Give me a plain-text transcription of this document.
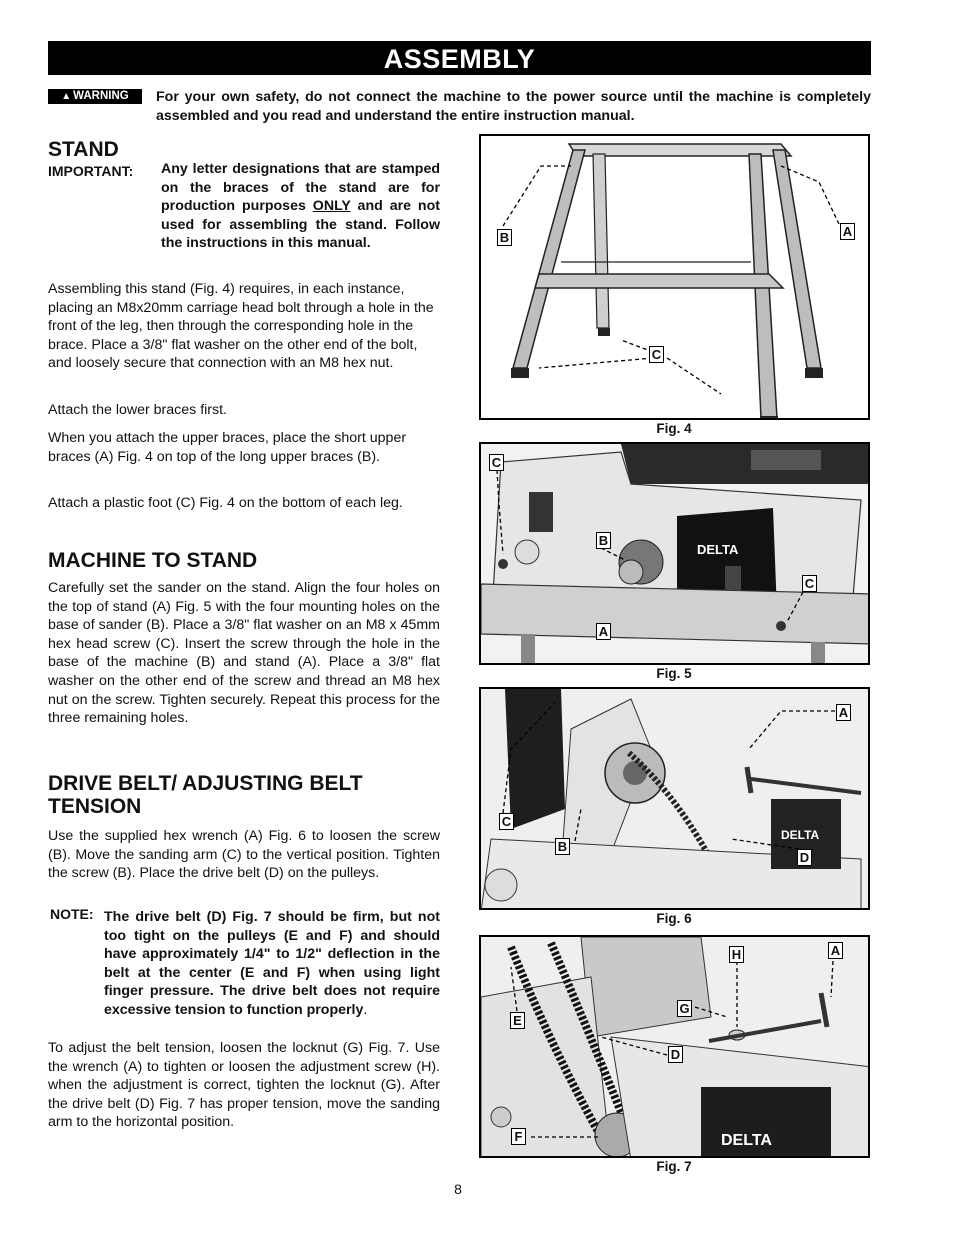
ASSEMBLY
▲ WARNING	For your own safety, do not connect the machine to the power source until the machine is completely assembled and you read and understand the entire instruction manual.
STAND
IMPORTANT: Any letter designations that are stamped on the braces of the stand are for production purposes ONLY and are not used for assembling the stand. Follow the instructions in this manual.
Assembling this stand (Fig. 4) requires, in each instance, placing an M8x20mm carriage head bolt through a hole in the front of the leg, then through the corresponding hole in the brace. Place a 3/8" flat washer on the other end of the bolt, and loosely secure that connection with an M8 hex nut.
Attach the lower braces first.
When you attach the upper braces, place the short upper braces (A) Fig. 4 on top of the long upper braces (B).
Attach a plastic foot (C) Fig. 4 on the bottom of each leg.
MACHINE TO STAND
Carefully set the sander on the stand. Align the four holes on the top of stand (A) Fig. 5 with the four mounting holes on the base of sander (B). Place a 3/8" flat washer on an M8 x 45mm hex head screw (C). Insert the screw through the hole in the base of the machine (B) and stand (A). Place a 3/8" flat washer on the other end of the screw and thread an M8 hex nut on the screw. Tighten securely. Repeat this process for the three remaining holes.
DRIVE BELT/ ADJUSTING BELT
TENSION
Use the supplied hex wrench (A) Fig. 6 to loosen the screw (B). Move the sanding arm (C) to the vertical position. Tighten the screw (B). Place the drive belt (D) on the pulleys.
NOTE: The drive belt (D) Fig. 7 should be firm, but not too tight on the pulleys (E and F) and should have approximately 1/4" to 1/2" deflection in the belt at the center (E and F) when using light finger pressure. The drive belt does not require excessive tension to function properly.
To adjust the belt tension, loosen the locknut (G) Fig. 7. Use the wrench (A) to tighten or loosen the adjustment screw (H). when the adjustment is correct, tighten the locknut (G). After the drive belt (D) Fig. 7 has proper tension, move the sanding arm to the horizontal position.
B	A
C
Fig. 4
DELTA
C
B
C
A
Fig. 5
DELTA
A
C
B
D
Fig. 6
DELTA
H	A
G
E
D
F
Fig. 7
8
